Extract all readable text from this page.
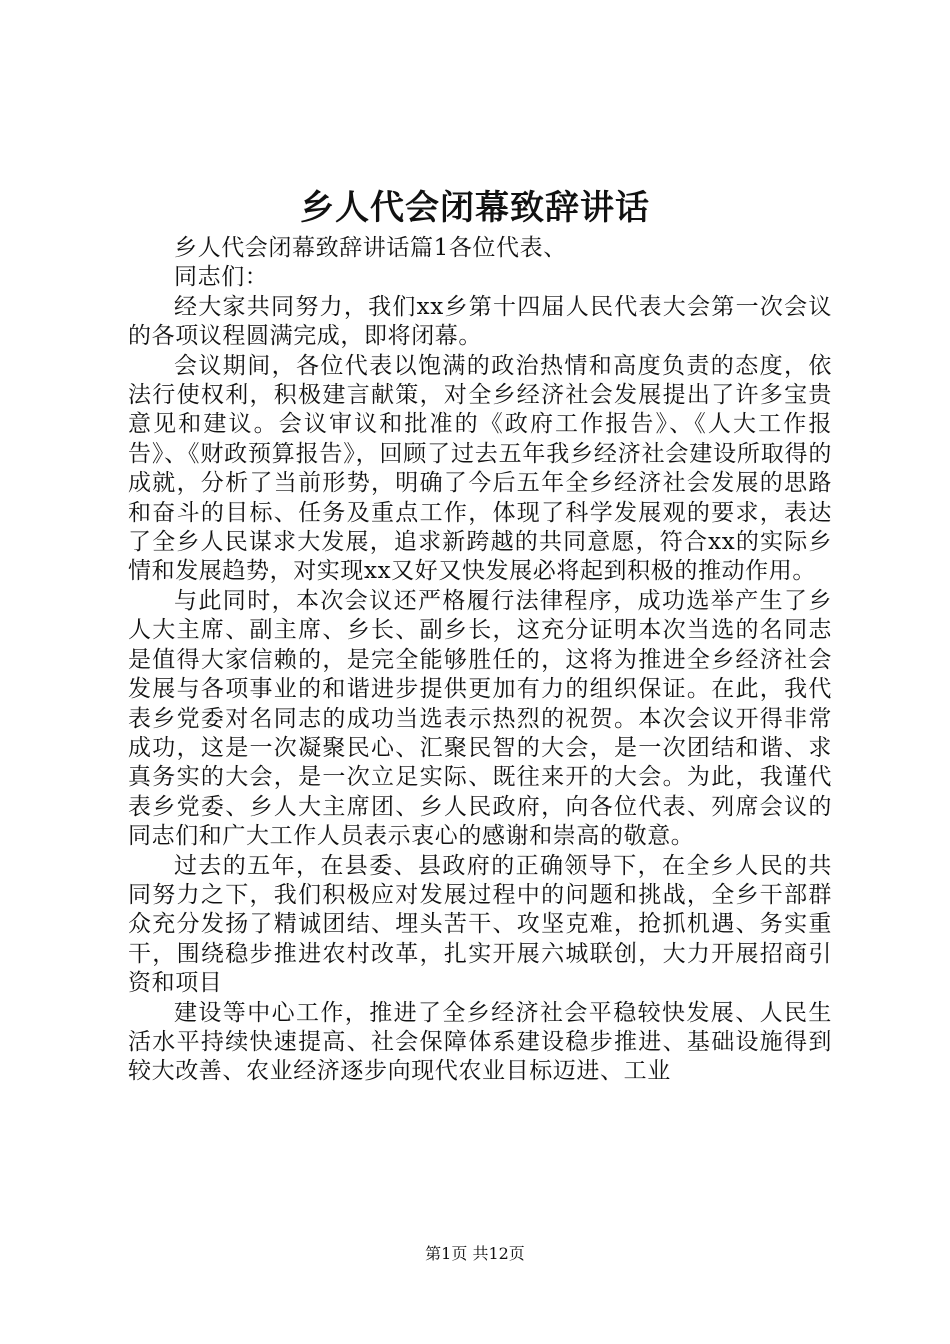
乡人代会闭幕致辞讲话

乡人代会闭幕致辞讲话篇1各位代表、

同志们：

经大家共同努力，我们xx乡第十四届人民代表大会第一次会议的各项议程圆满完成，即将闭幕。

会议期间，各位代表以饱满的政治热情和高度负责的态度，依法行使权利，积极建言献策，对全乡经济社会发展提出了许多宝贵意见和建议。会议审议和批准的《政府工作报告》、《人大工作报告》、《财政预算报告》，回顾了过去五年我乡经济社会建设所取得的成就，分析了当前形势，明确了今后五年全乡经济社会发展的思路和奋斗的目标、任务及重点工作，体现了科学发展观的要求，表达了全乡人民谋求大发展，追求新跨越的共同意愿，符合xx的实际乡情和发展趋势，对实现xx又好又快发展必将起到积极的推动作用。

与此同时，本次会议还严格履行法律程序，成功选举产生了乡人大主席、副主席、乡长、副乡长，这充分证明本次当选的名同志是值得大家信赖的，是完全能够胜任的，这将为推进全乡经济社会发展与各项事业的和谐进步提供更加有力的组织保证。在此，我代表乡党委对名同志的成功当选表示热烈的祝贺。本次会议开得非常成功，这是一次凝聚民心、汇聚民智的大会，是一次团结和谐、求真务实的大会，是一次立足实际、既往来开的大会。为此，我谨代表乡党委、乡人大主席团、乡人民政府，向各位代表、列席会议的同志们和广大工作人员表示衷心的感谢和崇高的敬意。

过去的五年，在县委、县政府的正确领导下，在全乡人民的共同努力之下，我们积极应对发展过程中的问题和挑战，全乡干部群众充分发扬了精诚团结、埋头苦干、攻坚克难，抢抓机遇、务实重干，围绕稳步推进农村改革，扎实开展六城联创，大力开展招商引资和项目

建设等中心工作，推进了全乡经济社会平稳较快发展、人民生活水平持续快速提高、社会保障体系建设稳步推进、基础设施得到较大改善、农业经济逐步向现代农业目标迈进、工业

第1页 共12页
